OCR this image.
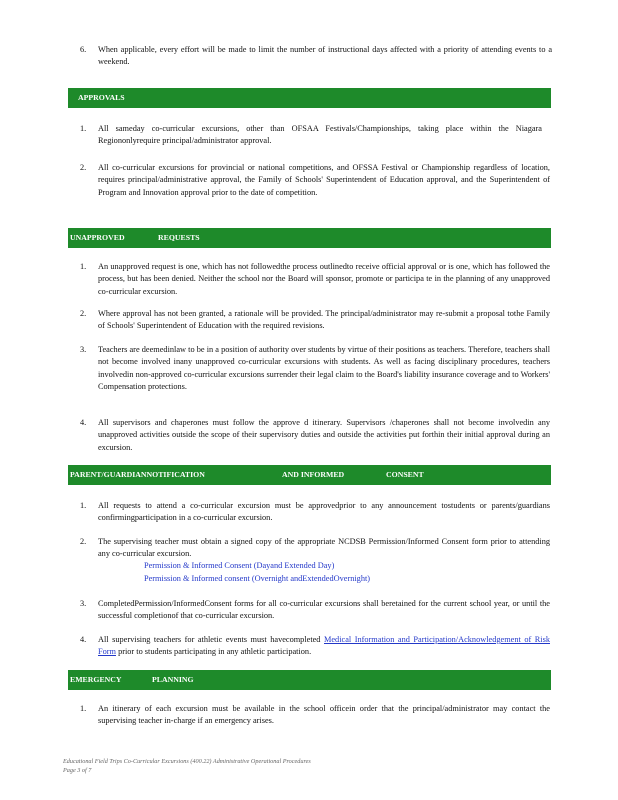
6. When applicable, every effort will be made to limit the number of instructional days affected with a priority of attending events to a weekend.
APPROVALS
1. All sameday co-curricular excursions, other than OFSAA Festivals/Championships, taking place within the Niagara Regiononlyrequire principal/administrator approval.
2. All co-curricular excursions for provincial or national competitions, and OFSSA Festival or Championship regardless of location, requires principal/administrative approval, the Family of Schools' Superintendent of Education approval, and the Superintendent of Program and Innovation approval prior to the date of competition.
UNAPPROVED	REQUESTS
1. An unapproved request is one, which has not followedthe process outlinedto receive official approval or is one, which has followed the process, but has been denied. Neither the school nor the Board will sponsor, promote or participa te in the planning of any unapproved co-curricular excursion.
2. Where approval has not been granted, a rationale will be provided. The principal/administrator may re-submit a proposal tothe Family of Schools' Superintendent of Education with the required revisions.
3. Teachers are deemedinlaw to be in a position of authority over students by virtue of their positions as teachers. Therefore, teachers shall not become involved inany unapproved co-curricular excursions with students. As well as facing disciplinary procedures, teachers involvedin non-approved co-curricular excursions surrender their legal claim to the Board's liability insurance coverage and to Workers' Compensation protections.
4. All supervisors and chaperones must follow the approve d itinerary. Supervisors /chaperones shall not become involvedin any unapproved activities outside the scope of their supervisory duties and outside the activities put forthin their initial approval during an excursion.
PARENT/GUARDIANNOTIFICATION	AND INFORMED	CONSENT
1. All requests to attend a co-curricular excursion must be approvedprior to any announcement tostudents or parents/guardians confirmingparticipation in a co-curricular excursion.
2. The supervising teacher must obtain a signed copy of the appropriate NCDSB Permission/Informed Consent form prior to attending any co-curricular excursion.
Permission & Informed Consent (Dayand Extended Day)
Permission & Informed consent (Overnight andExtendedOvernight)
3. CompletedPermission/InformedConsent forms for all co-curricular excursions shall beretained for the current school year, or until the successful completionof that co-curricular excursion.
4. All supervising teachers for athletic events must havecompleted Medical Information and Participation/Acknowledgement of Risk Form prior to students participating in any athletic participation.
EMERGENCY	PLANNING
1. An itinerary of each excursion must be available in the school officein order that the principal/administrator may contact the supervising teacher in-charge if an emergency arises.
Educational Field Trips Co-Curricular Excursions (400.22) Administrative Operational Procedures
Page 3 of 7
